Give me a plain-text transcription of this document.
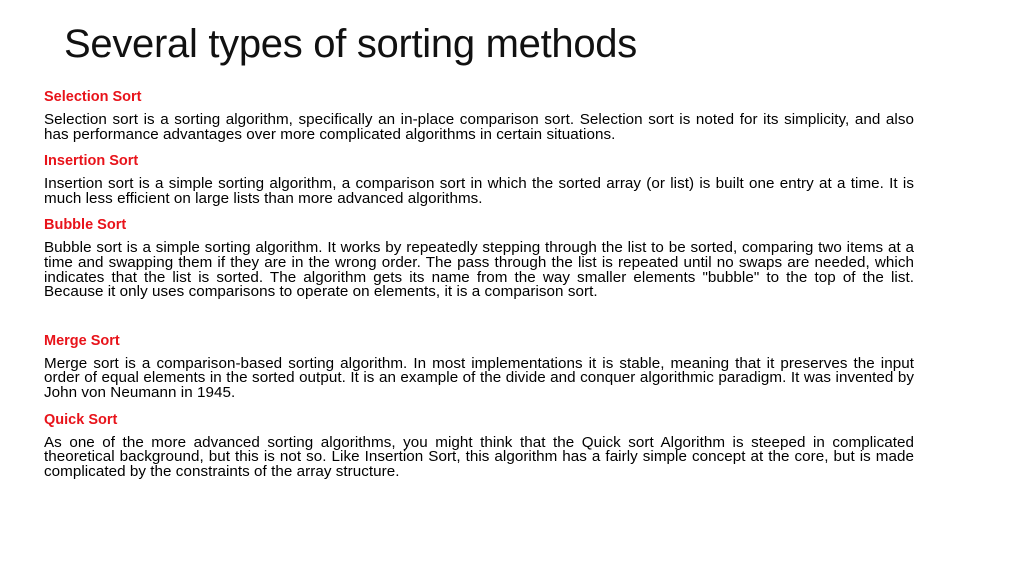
Several types of sorting methods
Selection Sort

Selection sort is a sorting algorithm, specifically an in-place comparison sort. Selection sort is noted for its simplicity, and also has performance advantages over more complicated algorithms in certain situations.

Insertion Sort

Insertion sort is a simple sorting algorithm, a comparison sort in which the sorted array (or list) is built one entry at a time. It is much less efficient on large lists than more advanced algorithms.

Bubble Sort

Bubble sort is a simple sorting algorithm. It works by repeatedly stepping through the list to be sorted, comparing two items at a time and swapping them if they are in the wrong order. The pass through the list is repeated until no swaps are needed, which indicates that the list is sorted. The algorithm gets its name from the way smaller elements "bubble" to the top of the list. Because it only uses comparisons to operate on elements, it is a comparison sort.

Merge Sort

Merge sort is a comparison-based sorting algorithm. In most implementations it is stable, meaning that it preserves the input order of equal elements in the sorted output. It is an example of the divide and conquer algorithmic paradigm. It was invented by John von Neumann in 1945.

Quick Sort

As one of the more advanced sorting algorithms, you might think that the Quick sort Algorithm is steeped in complicated theoretical background, but this is not so. Like Insertion Sort, this algorithm has a fairly simple concept at the core, but is made complicated by the constraints of the array structure.
